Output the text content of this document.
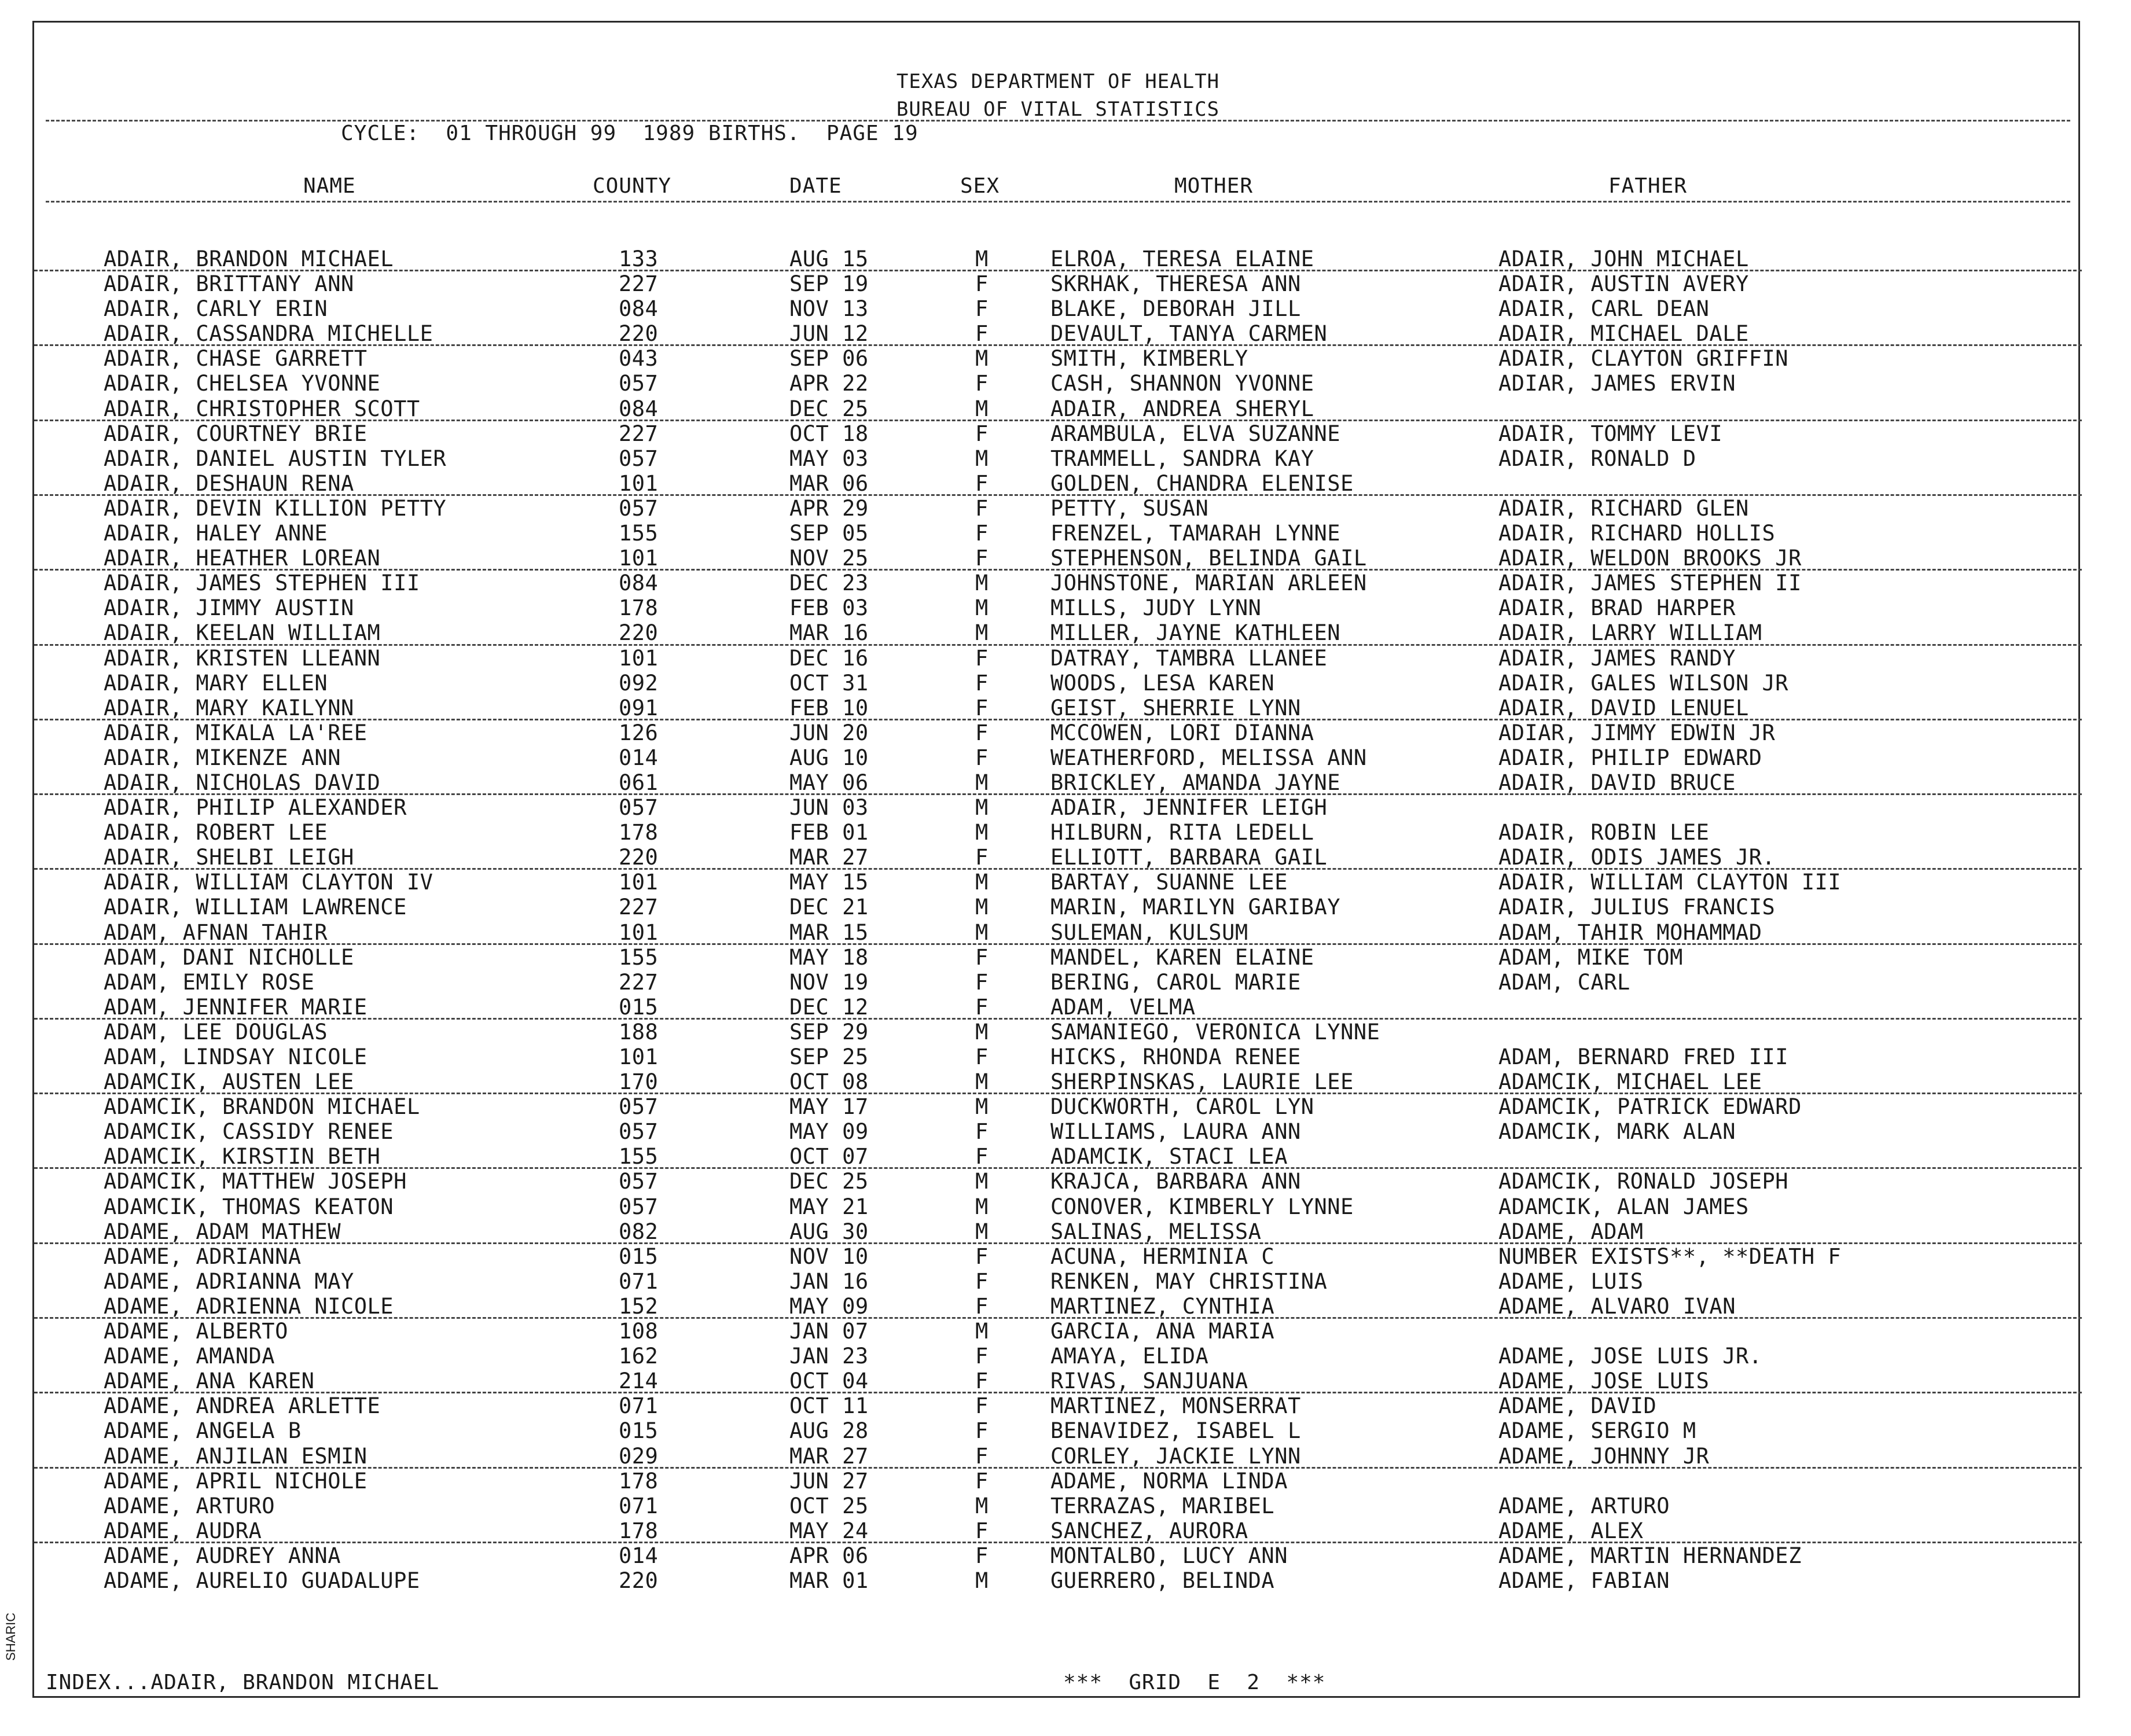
TEXAS DEPARTMENT OF HEALTH
BUREAU OF VITAL STATISTICS
CYCLE:  01 THROUGH 99  1989 BIRTHS.  PAGE 19
NAME	COUNTY	DATE	SEX	MOTHER	FATHER
ADAIR, BRANDON MICHAEL	133	AUG 15	M	ELROA, TERESA ELAINE	ADAIR, JOHN MICHAEL
ADAIR, BRITTANY ANN	227	SEP 19	F	SKRHAK, THERESA ANN	ADAIR, AUSTIN AVERY
ADAIR, CARLY ERIN	084	NOV 13	F	BLAKE, DEBORAH JILL	ADAIR, CARL DEAN
ADAIR, CASSANDRA MICHELLE	220	JUN 12	F	DEVAULT, TANYA CARMEN	ADAIR, MICHAEL DALE
ADAIR, CHASE GARRETT	043	SEP 06	M	SMITH, KIMBERLY	ADAIR, CLAYTON GRIFFIN
ADAIR, CHELSEA YVONNE	057	APR 22	F	CASH, SHANNON YVONNE	ADIAR, JAMES ERVIN
ADAIR, CHRISTOPHER SCOTT	084	DEC 25	M	ADAIR, ANDREA SHERYL
ADAIR, COURTNEY BRIE	227	OCT 18	F	ARAMBULA, ELVA SUZANNE	ADAIR, TOMMY LEVI
ADAIR, DANIEL AUSTIN TYLER	057	MAY 03	M	TRAMMELL, SANDRA KAY	ADAIR, RONALD D
ADAIR, DESHAUN RENA	101	MAR 06	F	GOLDEN, CHANDRA ELENISE
ADAIR, DEVIN KILLION PETTY	057	APR 29	F	PETTY, SUSAN	ADAIR, RICHARD GLEN
ADAIR, HALEY ANNE	155	SEP 05	F	FRENZEL, TAMARAH LYNNE	ADAIR, RICHARD HOLLIS
ADAIR, HEATHER LOREAN	101	NOV 25	F	STEPHENSON, BELINDA GAIL	ADAIR, WELDON BROOKS JR
ADAIR, JAMES STEPHEN III	084	DEC 23	M	JOHNSTONE, MARIAN ARLEEN	ADAIR, JAMES STEPHEN II
ADAIR, JIMMY AUSTIN	178	FEB 03	M	MILLS, JUDY LYNN	ADAIR, BRAD HARPER
ADAIR, KEELAN WILLIAM	220	MAR 16	M	MILLER, JAYNE KATHLEEN	ADAIR, LARRY WILLIAM
ADAIR, KRISTEN LLEANN	101	DEC 16	F	DATRAY, TAMBRA LLANEE	ADAIR, JAMES RANDY
ADAIR, MARY ELLEN	092	OCT 31	F	WOODS, LESA KAREN	ADAIR, GALES WILSON JR
ADAIR, MARY KAILYNN	091	FEB 10	F	GEIST, SHERRIE LYNN	ADAIR, DAVID LENUEL
ADAIR, MIKALA LA'REE	126	JUN 20	F	MCCOWEN, LORI DIANNA	ADIAR, JIMMY EDWIN JR
ADAIR, MIKENZE ANN	014	AUG 10	F	WEATHERFORD, MELISSA ANN	ADAIR, PHILIP EDWARD
ADAIR, NICHOLAS DAVID	061	MAY 06	M	BRICKLEY, AMANDA JAYNE	ADAIR, DAVID BRUCE
ADAIR, PHILIP ALEXANDER	057	JUN 03	M	ADAIR, JENNIFER LEIGH
ADAIR, ROBERT LEE	178	FEB 01	M	HILBURN, RITA LEDELL	ADAIR, ROBIN LEE
ADAIR, SHELBI LEIGH	220	MAR 27	F	ELLIOTT, BARBARA GAIL	ADAIR, ODIS JAMES JR.
ADAIR, WILLIAM CLAYTON IV	101	MAY 15	M	BARTAY, SUANNE LEE	ADAIR, WILLIAM CLAYTON III
ADAIR, WILLIAM LAWRENCE	227	DEC 21	M	MARIN, MARILYN GARIBAY	ADAIR, JULIUS FRANCIS
ADAM, AFNAN TAHIR	101	MAR 15	M	SULEMAN, KULSUM	ADAM, TAHIR MOHAMMAD
ADAM, DANI NICHOLLE	155	MAY 18	F	MANDEL, KAREN ELAINE	ADAM, MIKE TOM
ADAM, EMILY ROSE	227	NOV 19	F	BERING, CAROL MARIE	ADAM, CARL
ADAM, JENNIFER MARIE	015	DEC 12	F	ADAM, VELMA
ADAM, LEE DOUGLAS	188	SEP 29	M	SAMANIEGO, VERONICA LYNNE
ADAM, LINDSAY NICOLE	101	SEP 25	F	HICKS, RHONDA RENEE	ADAM, BERNARD FRED III
ADAMCIK, AUSTEN LEE	170	OCT 08	M	SHERPINSKAS, LAURIE LEE	ADAMCIK, MICHAEL LEE
ADAMCIK, BRANDON MICHAEL	057	MAY 17	M	DUCKWORTH, CAROL LYN	ADAMCIK, PATRICK EDWARD
ADAMCIK, CASSIDY RENEE	057	MAY 09	F	WILLIAMS, LAURA ANN	ADAMCIK, MARK ALAN
ADAMCIK, KIRSTIN BETH	155	OCT 07	F	ADAMCIK, STACI LEA
ADAMCIK, MATTHEW JOSEPH	057	DEC 25	M	KRAJCA, BARBARA ANN	ADAMCIK, RONALD JOSEPH
ADAMCIK, THOMAS KEATON	057	MAY 21	M	CONOVER, KIMBERLY LYNNE	ADAMCIK, ALAN JAMES
ADAME, ADAM MATHEW	082	AUG 30	M	SALINAS, MELISSA	ADAME, ADAM
ADAME, ADRIANNA	015	NOV 10	F	ACUNA, HERMINIA C	NUMBER EXISTS**, **DEATH F
ADAME, ADRIANNA MAY	071	JAN 16	F	RENKEN, MAY CHRISTINA	ADAME, LUIS
ADAME, ADRIENNA NICOLE	152	MAY 09	F	MARTINEZ, CYNTHIA	ADAME, ALVARO IVAN
ADAME, ALBERTO	108	JAN 07	M	GARCIA, ANA MARIA
ADAME, AMANDA	162	JAN 23	F	AMAYA, ELIDA	ADAME, JOSE LUIS JR.
ADAME, ANA KAREN	214	OCT 04	F	RIVAS, SANJUANA	ADAME, JOSE LUIS
ADAME, ANDREA ARLETTE	071	OCT 11	F	MARTINEZ, MONSERRAT	ADAME, DAVID
ADAME, ANGELA B	015	AUG 28	F	BENAVIDEZ, ISABEL L	ADAME, SERGIO M
ADAME, ANJILAN ESMIN	029	MAR 27	F	CORLEY, JACKIE LYNN	ADAME, JOHNNY JR
ADAME, APRIL NICHOLE	178	JUN 27	F	ADAME, NORMA LINDA
ADAME, ARTURO	071	OCT 25	M	TERRAZAS, MARIBEL	ADAME, ARTURO
ADAME, AUDRA	178	MAY 24	F	SANCHEZ, AURORA	ADAME, ALEX
ADAME, AUDREY ANNA	014	APR 06	F	MONTALBO, LUCY ANN	ADAME, MARTIN HERNANDEZ
ADAME, AURELIO GUADALUPE	220	MAR 01	M	GUERRERO, BELINDA	ADAME, FABIAN
INDEX...ADAIR, BRANDON MICHAEL	***  GRID  E  2  ***
SHARIC
